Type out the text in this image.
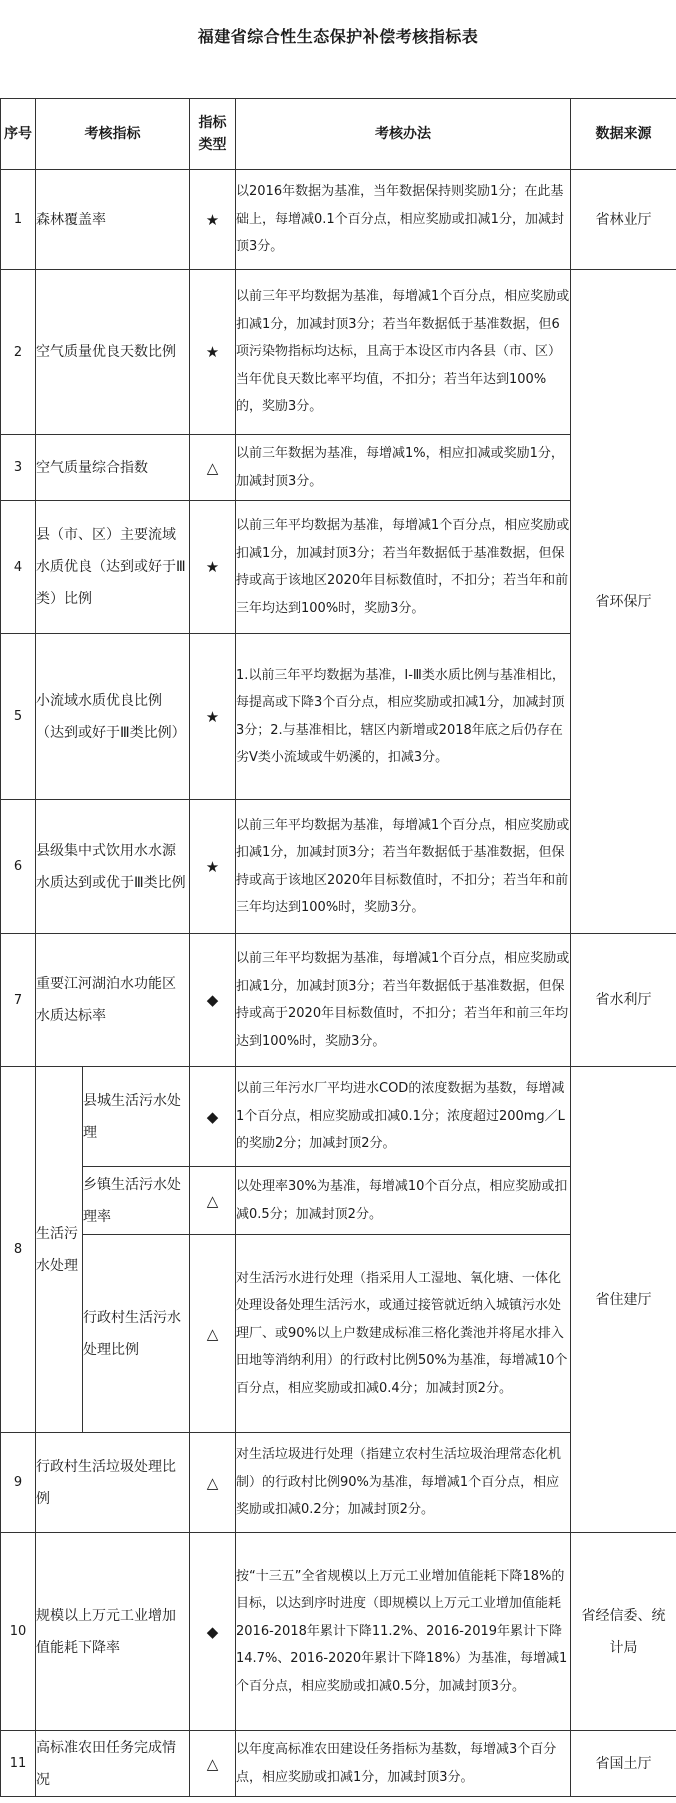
福建省综合性生态保护补偿考核指标表
序号	考核指标		指标类型	考核办法	数据来源
1	森林覆盖率		★	以2016年数据为基准，当年数据保持则奖励1分；在此基础上，每增减0.1个百分点，相应奖励或扣减1分，加减封顶3分。	省林业厅
2	空气质量优良天数比例		★	以前三年平均数据为基准，每增减1个百分点，相应奖励或扣减1分，加减封顶3分；若当年数据低于基准数据，但6项污染物指标均达标，且高于本设区市内各县（市、区）当年优良天数比率平均值，不扣分；若当年达到100%的，奖励3分。	省环保厅
3	空气质量综合指数		△	以前三年数据为基准，每增减1%，相应扣减或奖励1分，加减封顶3分。	
4	县（市、区）主要流域水质优良（达到或好于Ⅲ类）比例		★	以前三年平均数据为基准，每增减1个百分点，相应奖励或扣减1分，加减封顶3分；若当年数据低于基准数据，但保持或高于该地区2020年目标数值时，不扣分；若当年和前三年均达到100%时，奖励3分。	
5	小流域水质优良比例（达到或好于Ⅲ类比例）		★	1.以前三年平均数据为基准，Ⅰ-Ⅲ类水质比例与基准相比，每提高或下降3个百分点，相应奖励或扣减1分，加减封顶 3分；2.与基准相比，辖区内新增或2018年底之后仍存在劣Ⅴ类小流域或牛奶溪的，扣减3分。	
6	县级集中式饮用水水源水质达到或优于Ⅲ类比例		★	以前三年平均数据为基准，每增减1个百分点，相应奖励或扣减1分，加减封顶3分；若当年数据低于基准数据，但保持或高于该地区2020年目标数值时，不扣分；若当年和前三年均达到100%时，奖励3分。	
7	重要江河湖泊水功能区水质达标率		◆	以前三年平均数据为基准，每增减1个百分点，相应奖励或扣减1分，加减封顶3分；若当年数据低于基准数据，但保持或高于2020年目标数值时，不扣分；若当年和前三年均达到100%时，奖励3分。	省水利厅
8	生活污水处理	县城生活污水处理	◆	以前三年污水厂平均进水COD的浓度数据为基数，每增减1个百分点，相应奖励或扣减0.1分；浓度超过200mg／L 的奖励2分；加减封顶2分。	省住建厅
		乡镇生活污水处理率	△	以处理率30%为基准，每增减10个百分点，相应奖励或扣减0.5分；加减封顶2分。	
		行政村生活污水处理比例	△	对生活污水进行处理（指采用人工湿地、氧化塘、一体化处理设备处理生活污水，或通过接管就近纳入城镇污水处理厂、或90%以上户数建成标准三格化粪池并将尾水排入田地等消纳利用）的行政村比例50%为基准，每增减10个百分点，相应奖励或扣减0.4分；加减封顶2分。	
9	行政村生活垃圾处理比例		△	对生活垃圾进行处理（指建立农村生活垃圾治理常态化机制）的行政村比例90%为基准，每增减1个百分点，相应奖励或扣减0.2分；加减封顶2分。	
10	规模以上万元工业增加值能耗下降率		◆	按“十三五”全省规模以上万元工业增加值能耗下降18%的目标，以达到序时进度（即规模以上万元工业增加值能耗2016-2018年累计下降11.2%、2016-2019年累计下降14.7%、2016-2020年累计下降18%）为基准，每增减1个百分点，相应奖励或扣减0.5分，加减封顶3分。	省经信委、统计局
11	高标准农田任务完成情况		△	以年度高标准农田建设任务指标为基数，每增减3个百分点，相应奖励或扣减1分，加减封顶3分。	省国土厅
